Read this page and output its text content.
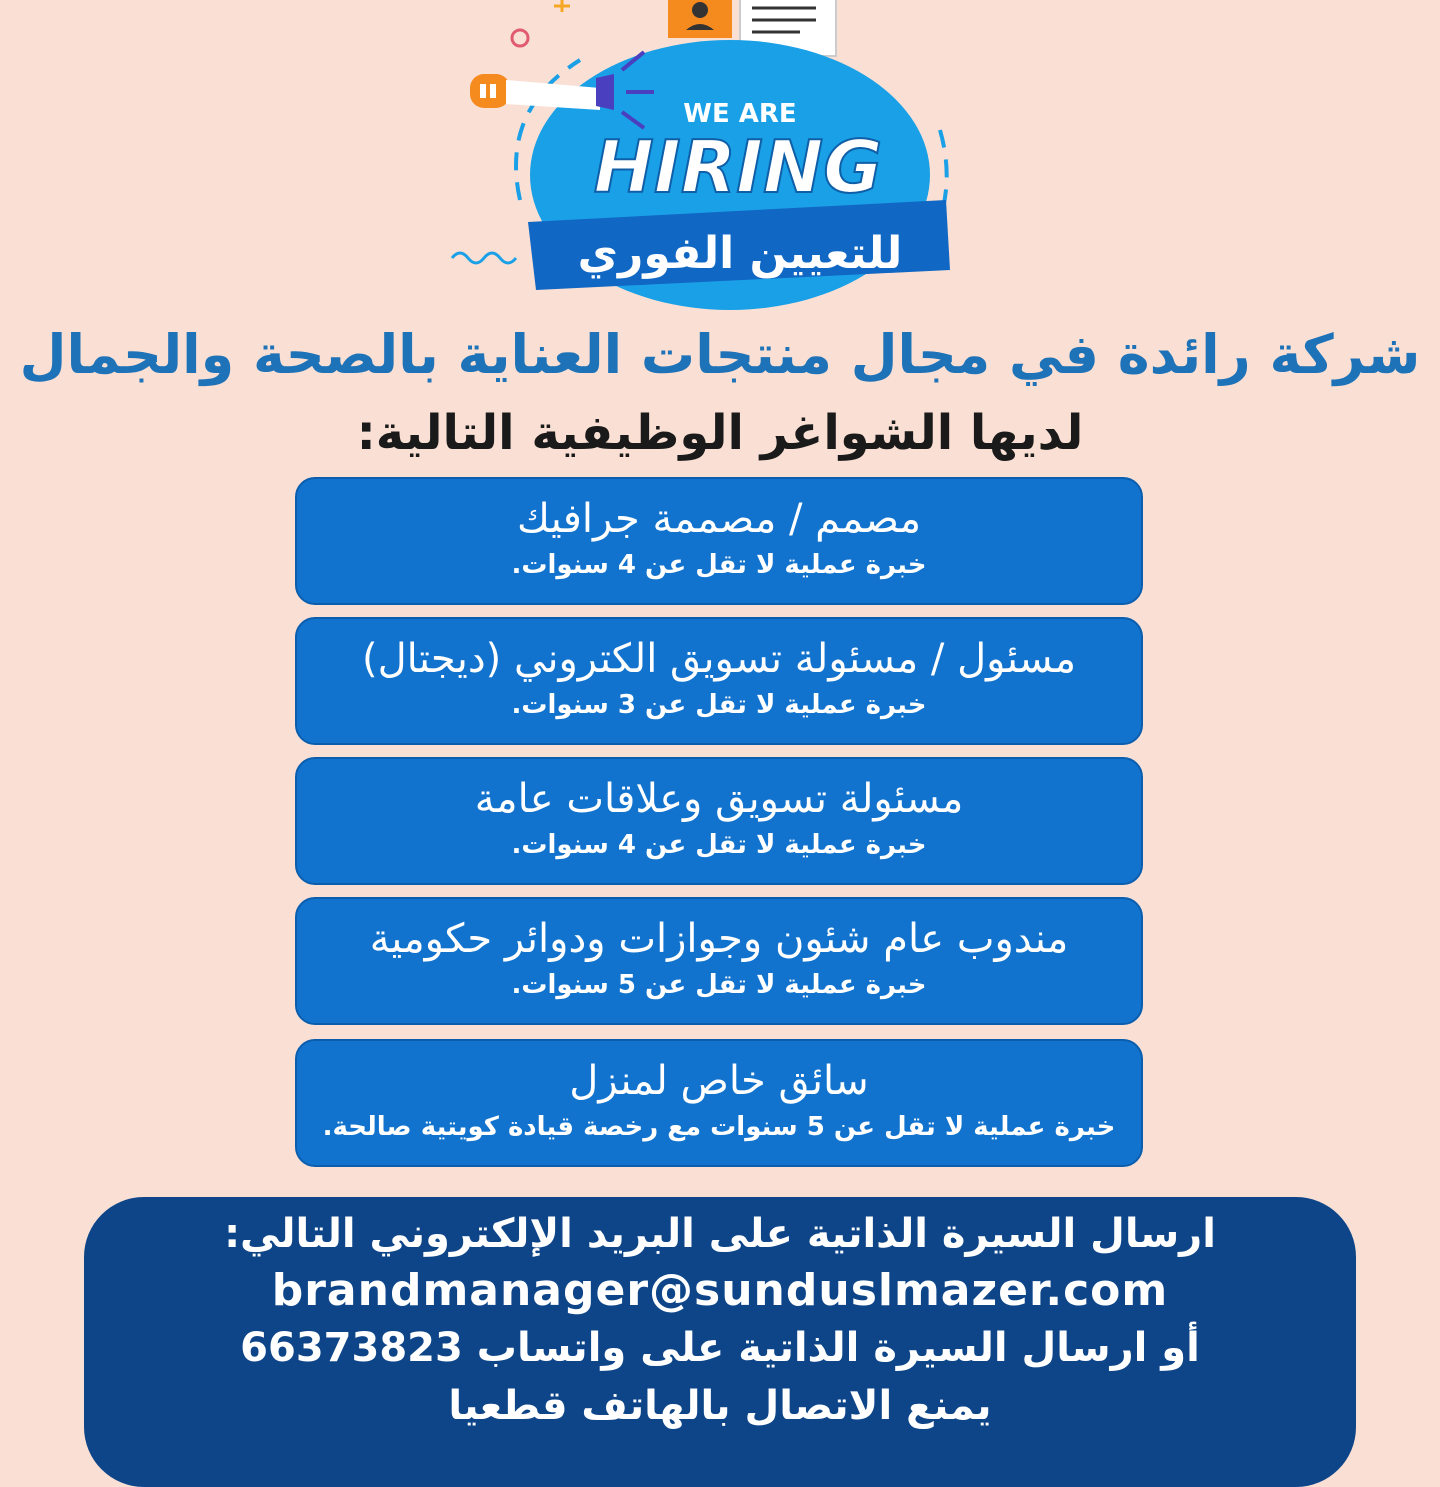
WE ARE
HIRING
للتعيين الفوري
شركة رائدة في مجال منتجات العناية بالصحة والجمال
لديها الشواغر الوظيفية التالية:
مصمم / مصممة جرافيك
خبرة عملية لا تقل عن 4 سنوات.
مسئول / مسئولة تسويق الكتروني (ديجتال)
خبرة عملية لا تقل عن 3 سنوات.
مسئولة تسويق وعلاقات عامة
خبرة عملية لا تقل عن 4 سنوات.
مندوب عام شئون وجوازات ودوائر حكومية
خبرة عملية لا تقل عن 5 سنوات.
سائق خاص لمنزل
خبرة عملية لا تقل عن 5 سنوات مع رخصة قيادة كويتية صالحة.
ارسال السيرة الذاتية على البريد الإلكتروني التالي:
brandmanager@sunduslmazer.com
أو ارسال السيرة الذاتية على واتساب 66373823
يمنع الاتصال بالهاتف قطعيا
